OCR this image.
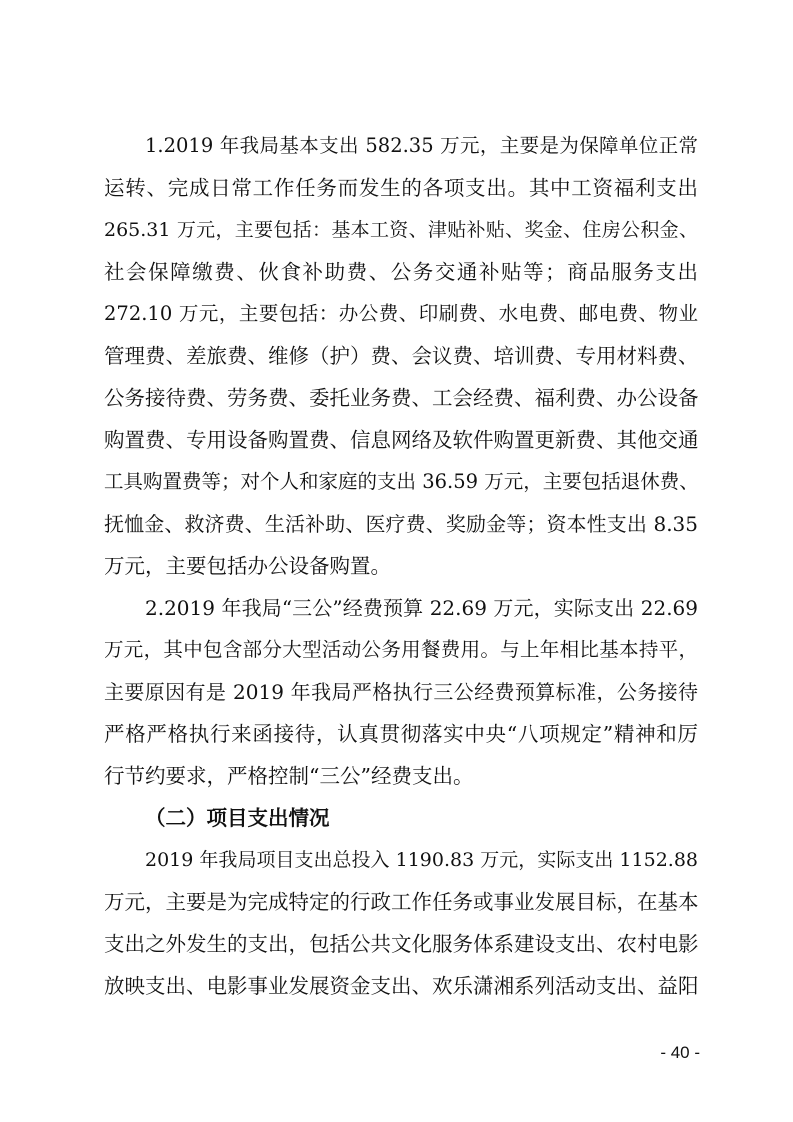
1.2019 年我局基本支出 582.35 万元，主要是为保障单位正常
运转、完成日常工作任务而发生的各项支出。其中工资福利支出
265.31 万元，主要包括：基本工资、津贴补贴、奖金、住房公积金、
社会保障缴费、伙食补助费、公务交通补贴等；商品服务支出
272.10 万元，主要包括：办公费、印刷费、水电费、邮电费、物业
管理费、差旅费、维修（护）费、会议费、培训费、专用材料费、
公务接待费、劳务费、委托业务费、工会经费、福利费、办公设备
购置费、专用设备购置费、信息网络及软件购置更新费、其他交通
工具购置费等；对个人和家庭的支出 36.59 万元，主要包括退休费、
抚恤金、救济费、生活补助、医疗费、奖励金等；资本性支出 8.35
万元，主要包括办公设备购置。
2.2019 年我局“三公”经费预算 22.69 万元，实际支出 22.69
万元，其中包含部分大型活动公务用餐费用。与上年相比基本持平，
主要原因有是 2019 年我局严格执行三公经费预算标准，公务接待
严格严格执行来函接待，认真贯彻落实中央“八项规定”精神和厉
行节约要求，严格控制“三公”经费支出。
（二）项目支出情况
2019 年我局项目支出总投入 1190.83 万元，实际支出 1152.88
万元，主要是为完成特定的行政工作任务或事业发展目标，在基本
支出之外发生的支出，包括公共文化服务体系建设支出、农村电影
放映支出、电影事业发展资金支出、欢乐潇湘系列活动支出、益阳
- 40 -
